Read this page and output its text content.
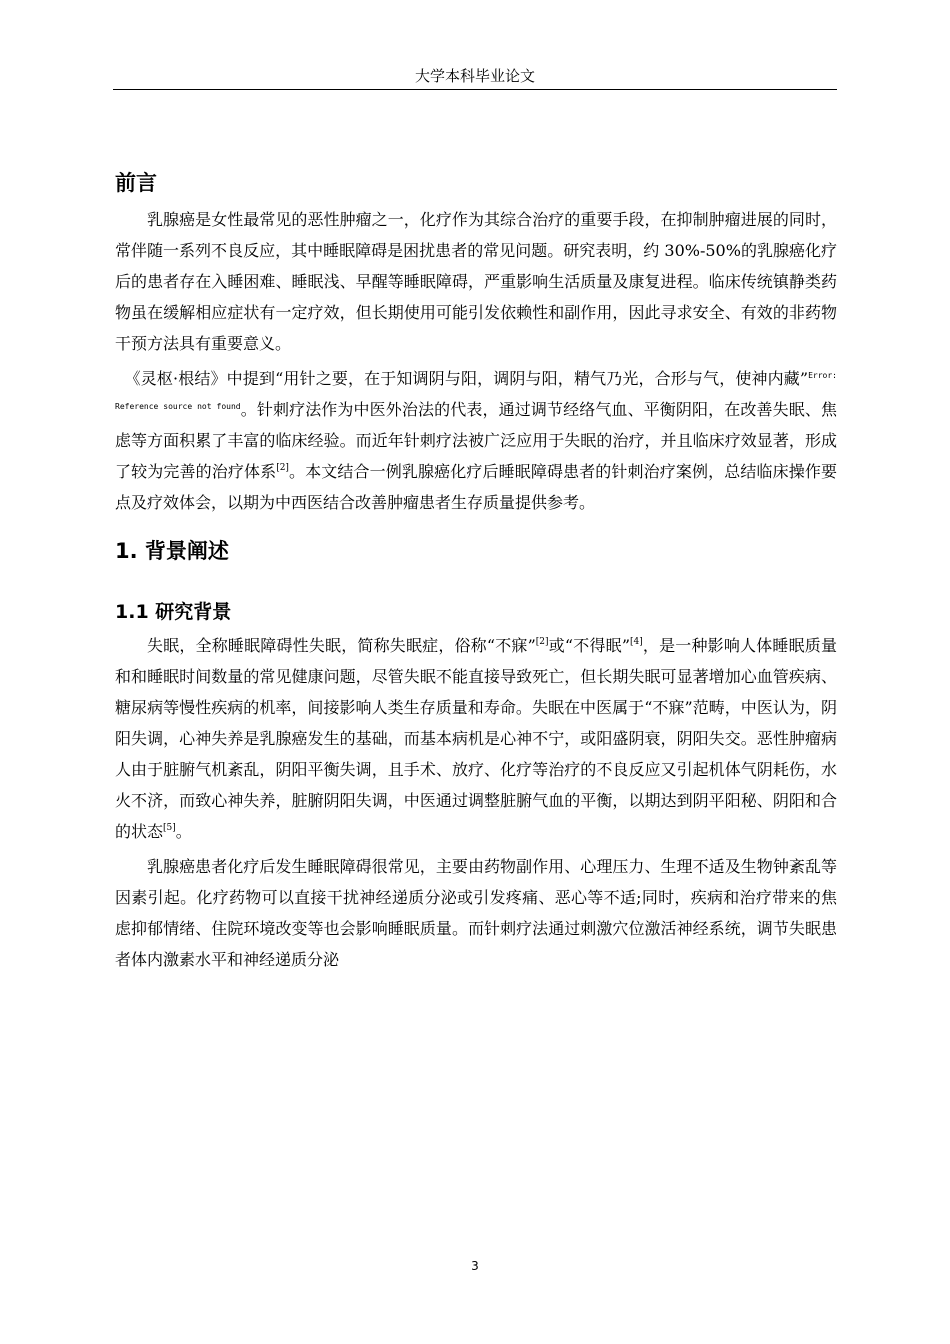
大学本科毕业论文
前言

乳腺癌是女性最常见的恶性肿瘤之一，化疗作为其综合治疗的重要手段，在抑制肿瘤进展的同时，常伴随一系列不良反应，其中睡眠障碍是困扰患者的常见问题。研究表明，约 30%-50%的乳腺癌化疗后的患者存在入睡困难、睡眠浅、早醒等睡眠障碍，严重影响生活质量及康复进程。临床传统镇静类药物虽在缓解相应症状有一定疗效，但长期使用可能引发依赖性和副作用，因此寻求安全、有效的非药物干预方法具有重要意义。

《灵枢·根结》中提到“用针之要，在于知调阴与阳，调阴与阳，精气乃光，合形与气，使神内藏”$^{Error: Reference source not found}$。针刺疗法作为中医外治法的代表，通过调节经络气血、平衡阴阳，在改善失眠、焦虑等方面积累了丰富的临床经验。而近年针刺疗法被广泛应用于失眠的治疗，并且临床疗效显著，形成了较为完善的治疗体系[2]。本文结合一例乳腺癌化疗后睡眠障碍患者的针刺治疗案例，总结临床操作要点及疗效体会，以期为中西医结合改善肿瘤患者生存质量提供参考。

1. 背景阐述
1.1 研究背景

失眠，全称睡眠障碍性失眠，简称失眠症，俗称“不寐”[2]或“不得眠”[4]，是一种影响人体睡眠质量和和睡眠时间数量的常见健康问题，尽管失眠不能直接导致死亡，但长期失眠可显著增加心血管疾病、糖尿病等慢性疾病的机率，间接影响人类生存质量和寿命。失眠在中医属于“不寐”范畴，中医认为，阴阳失调，心神失养是乳腺癌发生的基础，而基本病机是心神不宁，或阳盛阴衰，阴阳失交。恶性肿瘤病人由于脏腑气机紊乱，阴阳平衡失调，且手术、放疗、化疗等治疗的不良反应又引起机体气阴耗伤，水火不济，而致心神失养，脏腑阴阳失调，中医通过调整脏腑气血的平衡，以期达到阴平阳秘、阴阳和合的状态[5]。

乳腺癌患者化疗后发生睡眠障碍很常见，主要由药物副作用、心理压力、生理不适及生物钟紊乱等因素引起。化疗药物可以直接干扰神经递质分泌或引发疼痛、恶心等不适;同时，疾病和治疗带来的焦虑抑郁情绪、住院环境改变等也会影响睡眠质量。而针刺疗法通过刺激穴位激活神经系统，调节失眠患者体内激素水平和神经递质分泌

3
